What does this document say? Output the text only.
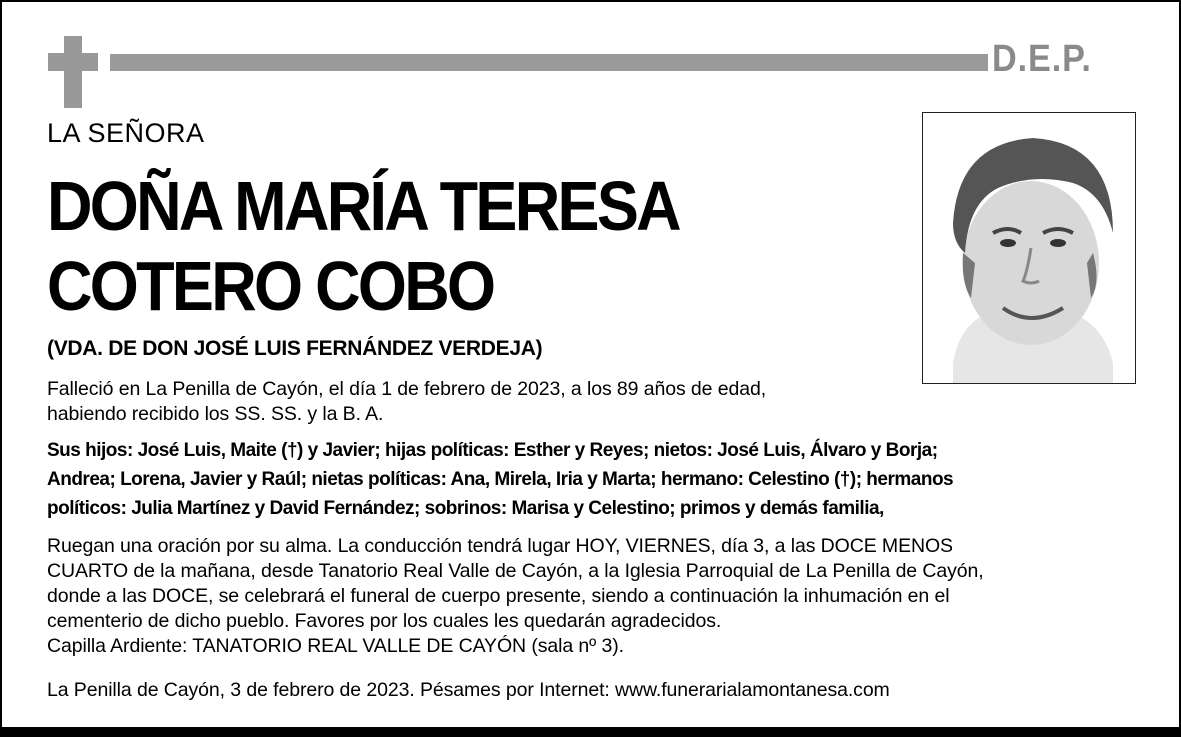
D.E.P.
LA SEÑORA
DOÑA MARÍA TERESA
COTERO COBO
(VDA. DE DON JOSÉ LUIS FERNÁNDEZ VERDEJA)
Falleció en La Penilla de Cayón, el día 1 de febrero de 2023, a los 89 años de edad,
habiendo recibido los SS. SS. y la B. A.
Sus hijos: José Luis, Maite (†) y Javier; hijas políticas: Esther y Reyes; nietos: José Luis, Álvaro y Borja;
Andrea; Lorena, Javier y Raúl; nietas políticas: Ana, Mirela, Iria y Marta; hermano: Celestino (†); hermanos
políticos: Julia Martínez y David Fernández; sobrinos: Marisa y Celestino; primos y demás familia,
Ruegan una oración por su alma. La conducción tendrá lugar HOY, VIERNES, día 3, a las DOCE MENOS
CUARTO de la mañana, desde Tanatorio Real Valle de Cayón, a la Iglesia Parroquial de La Penilla de Cayón,
donde a las DOCE, se celebrará el funeral de cuerpo presente, siendo a continuación la inhumación en el
cementerio de dicho pueblo. Favores por los cuales les quedarán agradecidos.
Capilla Ardiente: TANATORIO REAL VALLE DE CAYÓN (sala nº 3).
La Penilla de Cayón, 3 de febrero de 2023. Pésames por Internet: www.funerarialamontanesa.com
